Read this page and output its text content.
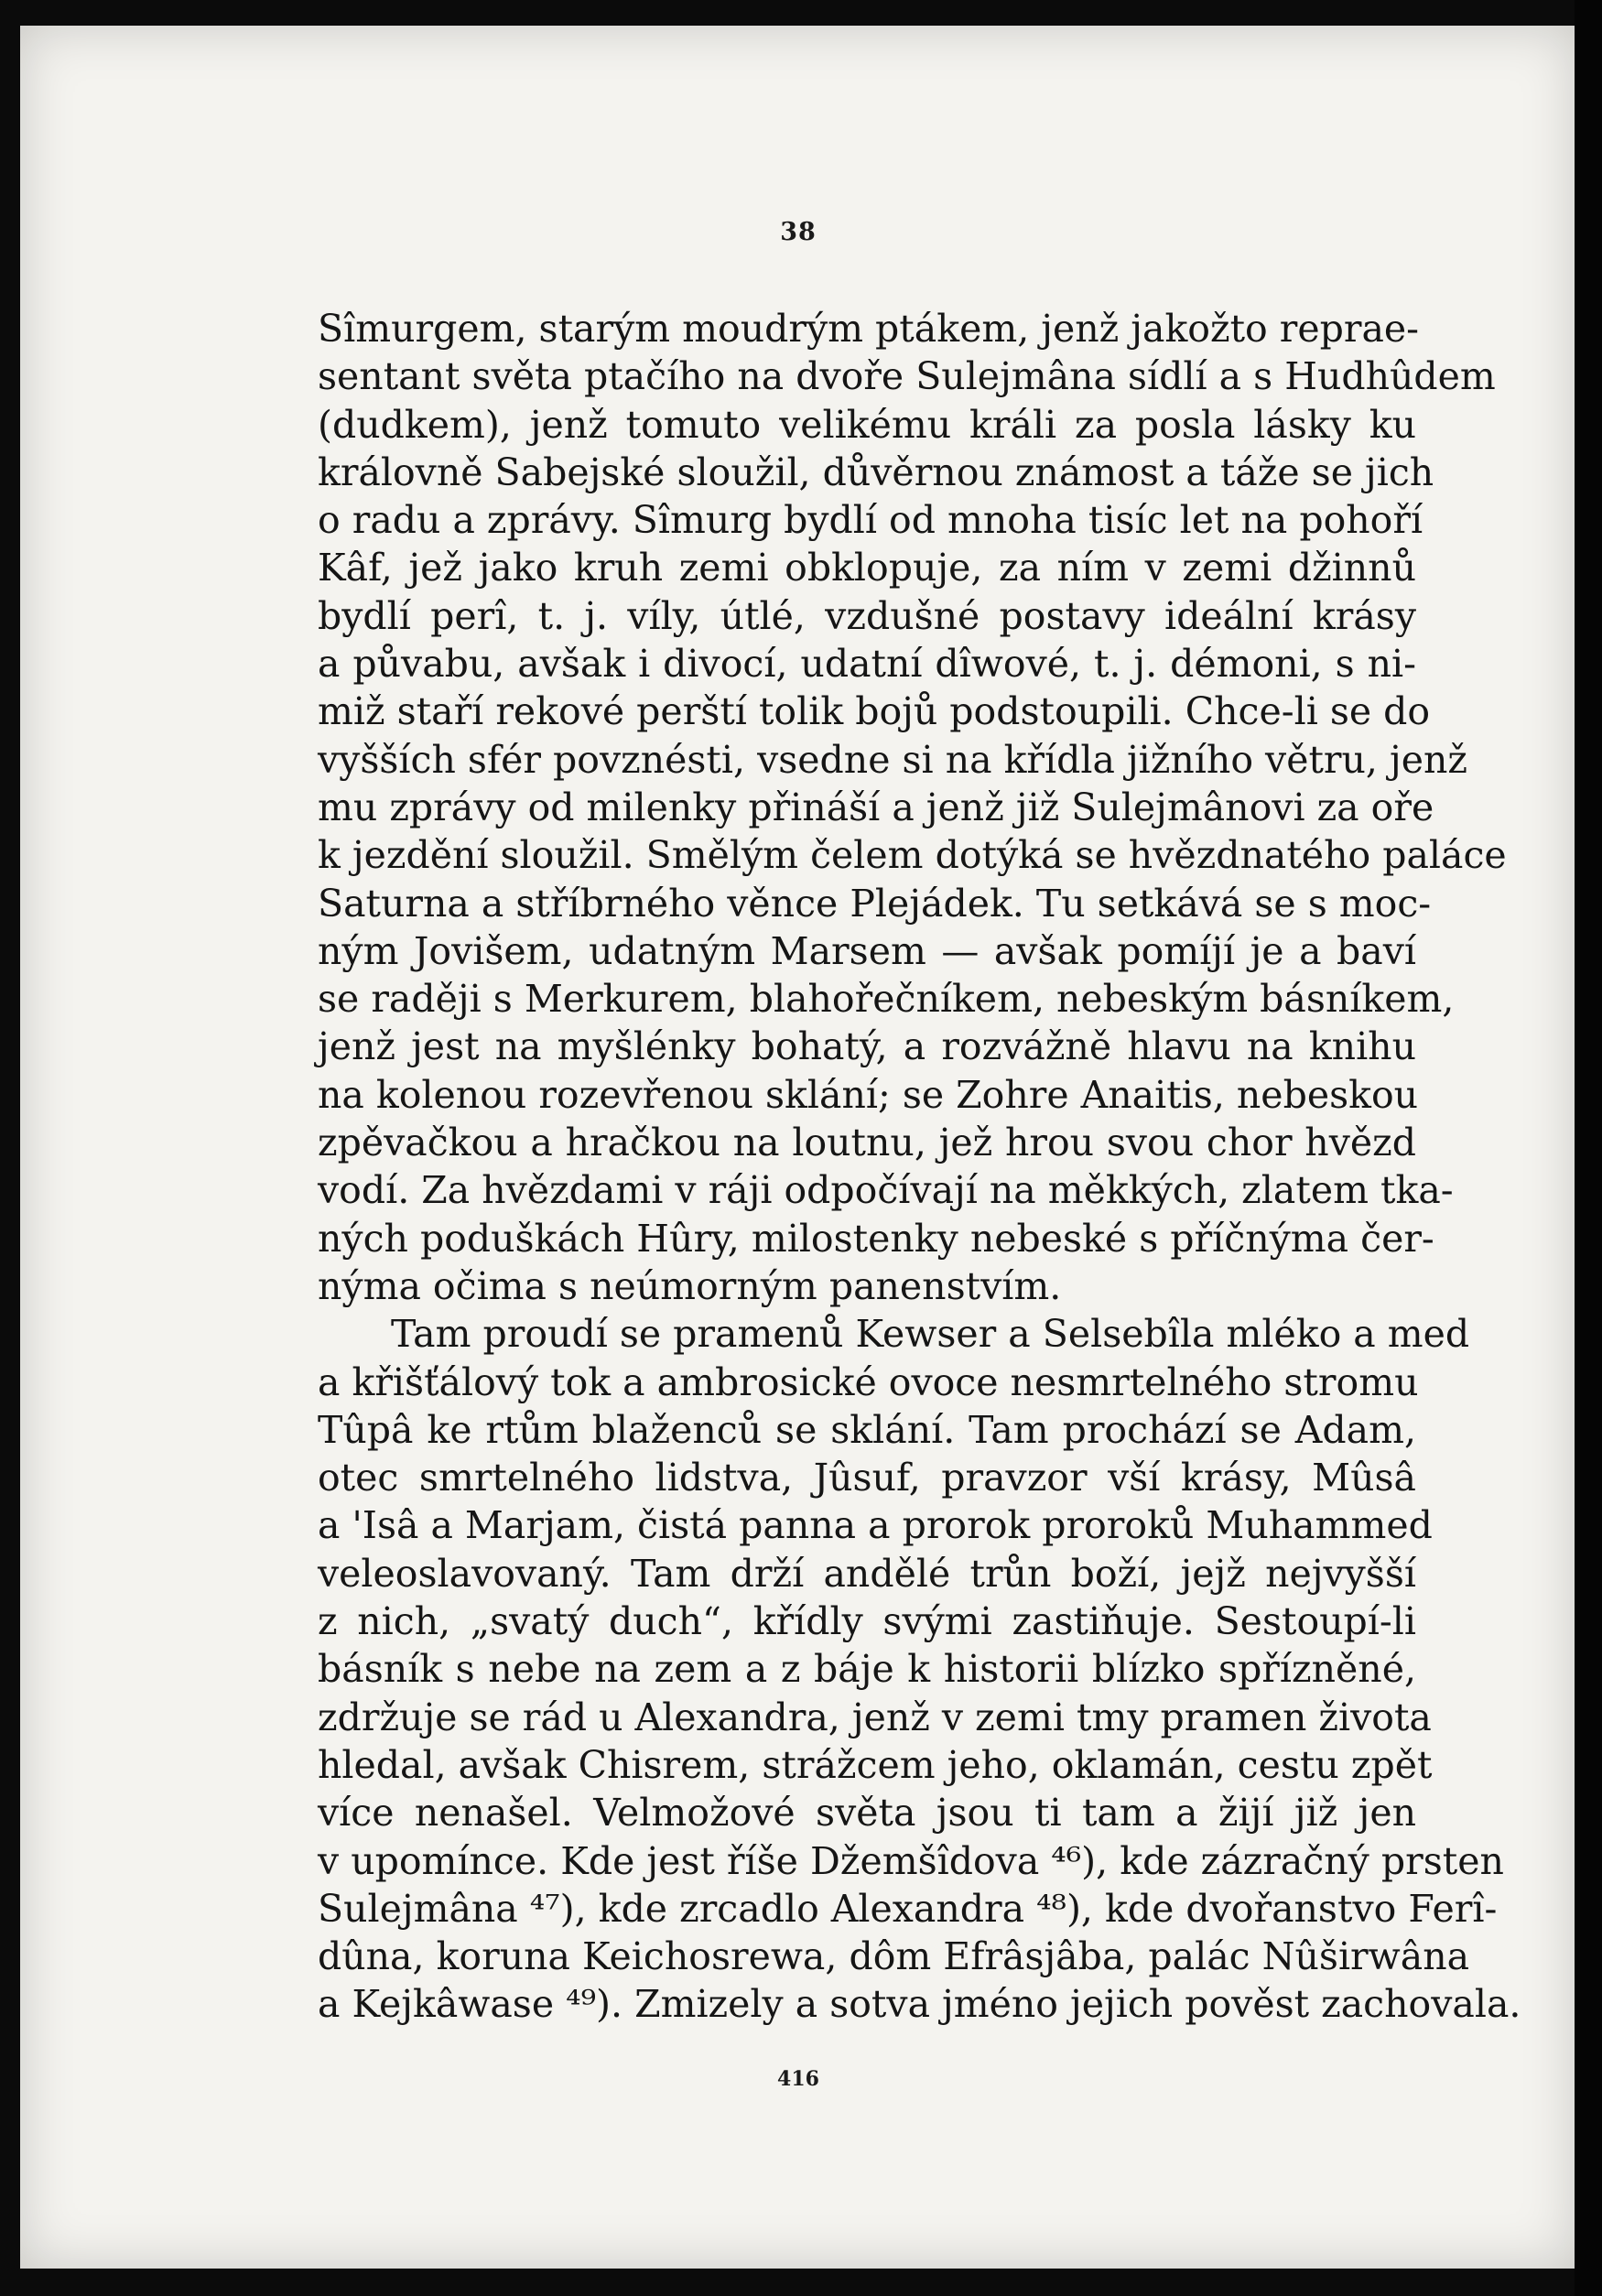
38
Sîmurgem, starým moudrým ptákem, jenž jakožto reprae-
sentant světa ptačího na dvoře Sulejmâna sídlí a s Hudhûdem
(dudkem), jenž tomuto velikému králi za posla lásky ku
královně Sabejské sloužil, důvěrnou známost a táže se jich
o radu a zprávy. Sîmurg bydlí od mnoha tisíc let na pohoří
Kâf, jež jako kruh zemi obklopuje, za ním v zemi džinnů
bydlí perî, t. j. víly, útlé, vzdušné postavy ideální krásy
a půvabu, avšak i divocí, udatní dîwové, t. j. démoni, s ni-
miž staří rekové perští tolik bojů podstoupili. Chce-li se do
vyšších sfér povznésti, vsedne si na křídla jižního větru, jenž
mu zprávy od milenky přináší a jenž již Sulejmânovi za oře
k jezdění sloužil. Smělým čelem dotýká se hvězdnatého paláce
Saturna a stříbrného věnce Plejádek. Tu setkává se s moc-
ným Jovišem, udatným Marsem — avšak pomíjí je a baví
se raději s Merkurem, blahořečníkem, nebeským básníkem,
jenž jest na myšlénky bohatý, a rozvážně hlavu na knihu
na kolenou rozevřenou sklání; se Zohre Anaitis, nebeskou
zpěvačkou a hračkou na loutnu, jež hrou svou chor hvězd
vodí. Za hvězdami v ráji odpočívají na měkkých, zlatem tka-
ných poduškách Hûry, milostenky nebeské s příčnýma čer-
nýma očima s neúmorným panenstvím.
Tam proudí se pramenů Kewser a Selsebîla mléko a med
a křišťálový tok a ambrosické ovoce nesmrtelného stromu
Tûpâ ke rtům blaženců se sklání. Tam prochází se Adam,
otec smrtelného lidstva, Jûsuf, pravzor vší krásy, Mûsâ
a 'Isâ a Marjam, čistá panna a prorok proroků Muhammed
veleoslavovaný. Tam drží andělé trůn boží, jejž nejvyšší
z nich, „svatý duch“, křídly svými zastiňuje. Sestoupí-li
básník s nebe na zem a z báje k historii blízko spřízněné,
zdržuje se rád u Alexandra, jenž v zemi tmy pramen života
hledal, avšak Chisrem, strážcem jeho, oklamán, cestu zpět
více nenašel. Velmožové světa jsou ti tam a žijí již jen
v upomínce. Kde jest říše Džemšîdova ⁴⁶), kde zázračný prsten
Sulejmâna ⁴⁷), kde zrcadlo Alexandra ⁴⁸), kde dvořanstvo Ferî-
dûna, koruna Keichosrewa, dôm Efrâsjâba, palác Nûširwâna
a Kejkâwase ⁴⁹). Zmizely a sotva jméno jejich pověst zachovala.
416
